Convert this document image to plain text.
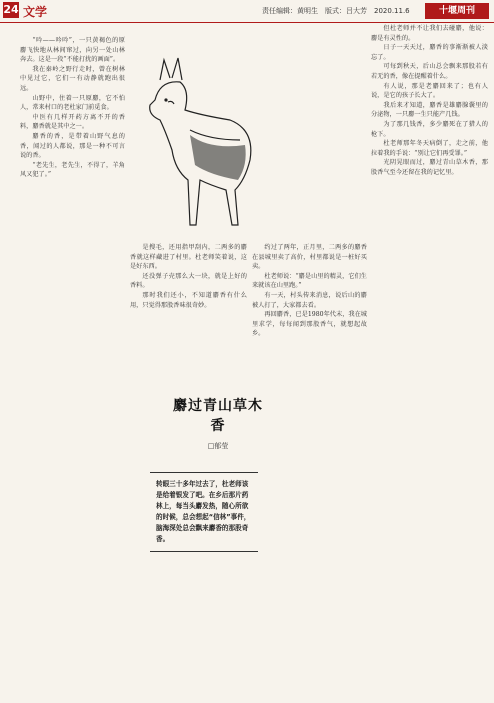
24 文学	责任编辑：黄明生　版式：吕大芳　2020.11.6	十堰周刊

“吟——吟吟”，一只黄褐色的原麝飞快地从林间窜过，向另一处山林奔去。这是一段“不能打扰的画面”。

我在秦岭之野行走时，曾在树林中见过它，它们一有动静就跑出很远。

山野中，住着一只原麝，它不怕人，常来村口的老杜家门前觅食。

中医有几样开药方离不开的香料，麝香就是其中之一。

麝香的香，是带着山野气息的香，闻过的人都说，那是一种不可言说的香。

“老先生，老先生，不得了，羊角风又犯了。”

是搜毛，还用指甲刮内，二两多的麝香就这样藏进了村里。杜老师笑着说，这是好东西。

还没弹子壳那么大一块，就是上好的香料。

那时我们还小，不知道麝香有什么用，只觉得那股香味很奇妙。

麝过青山草木香
□郁莹
转眼三十多年过去了，杜老师该是给着银发了吧。在乡后那片药林上，每当头麝发热，随心所欲的时候，总会想起“信林”事件，脑海深处总会飘来麝香的那股奇香。

约过了两年，正月里，二两多的麝香在县城里卖了高价，村里都说是一桩好买卖。

杜老师说：“麝是山里的精灵，它们生来就该在山里跑。”

有一天，村头传来消息，说后山的麝被人打了，大家都去看。

再回麝香，已是1980年代末，我在城里求学，每每闻到那股香气，就想起故乡。

但杜老师并不让我们去碰麝，他说：麝是有灵性的。

日子一天天过，麝香的事渐渐被人淡忘了。

可每到秋天，后山总会飘来那股若有若无的香，像在提醒着什么。

有人说，那是老麝回来了；也有人说，是它的孩子长大了。

我后来才知道，麝香是雄麝腺囊里的分泌物，一只麝一生只能产几钱。

为了那几钱香，多少麝死在了猎人的枪下。

杜老师那年冬天病倒了，走之前，他拉着我的手说：“别让它们再受罪。”

光阴晃眼而过，麝过青山草木香，那股香气至今还留在我的记忆里。
